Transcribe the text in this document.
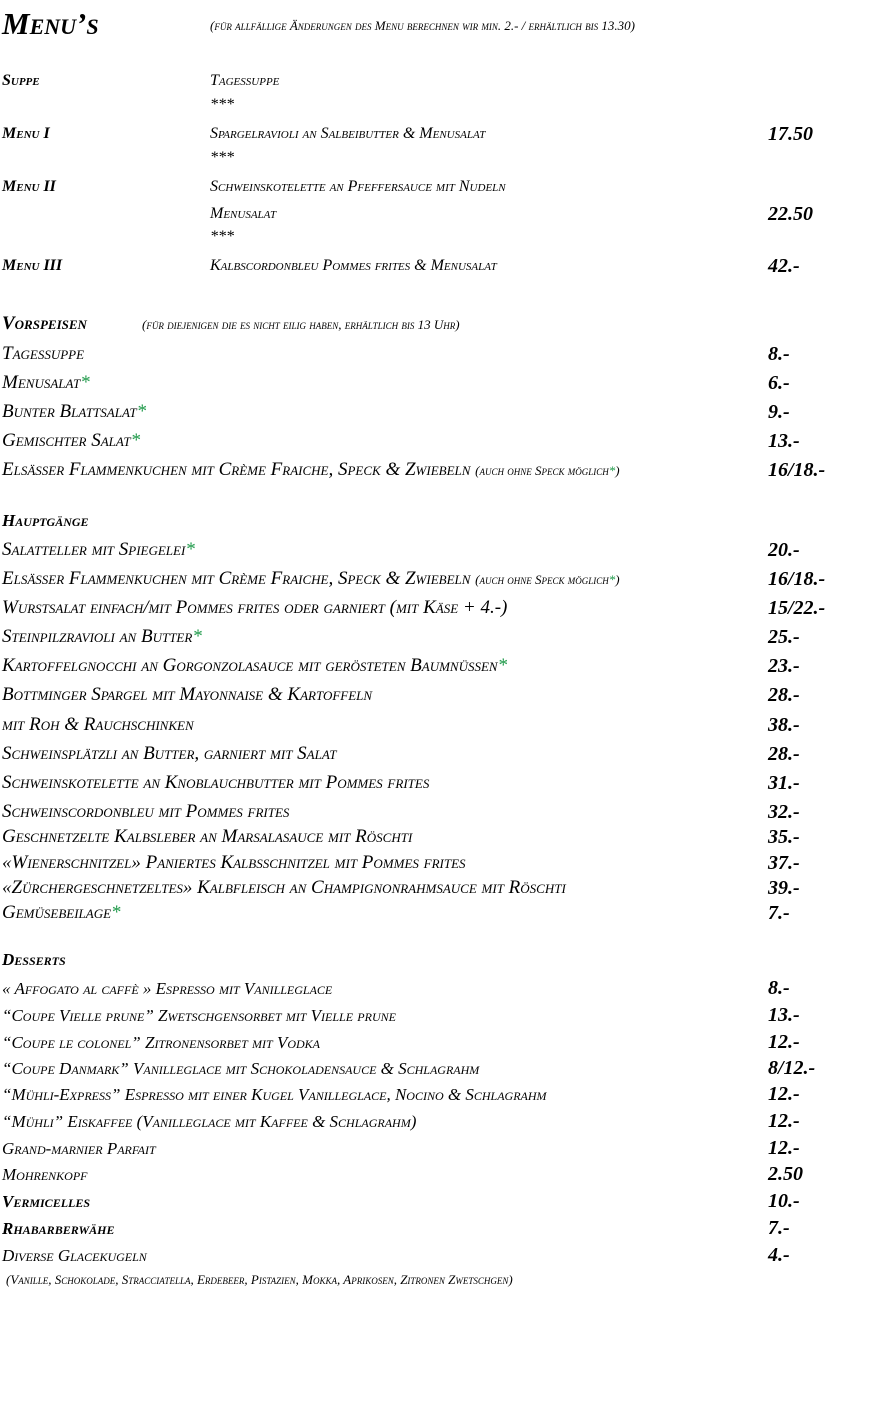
Menu’s	(für allfällige Änderungen des Menu berechnen wir min. 2.- / erhältlich bis 13.30)
Suppe	Tagessuppe
***
Menu I	Spargelravioli an Salbeibutter & Menusalat	17.50
***
Menu II	Schweinskotelette an Pfeffersauce mit Nudeln
Menusalat	22.50
***
Menu III	Kalbscordonbleu Pommes frites & Menusalat	42.-
Vorspeisen	(für diejenigen die es nicht eilig haben, erhältlich bis 13 Uhr)
Tagessuppe	8.-
Menusalat*	6.-
Bunter Blattsalat*	9.-
Gemischter Salat*	13.-
Elsässer Flammenkuchen mit Crème Fraiche, Speck & Zwiebeln (auch ohne Speck möglich*)	16/18.-
Hauptgänge
Salatteller mit Spiegelei*	20.-
Elsässer Flammenkuchen mit Crème Fraiche, Speck & Zwiebeln (auch ohne Speck möglich*)	16/18.-
Wurstsalat einfach/mit Pommes frites oder garniert (mit Käse + 4.-)	15/22.-
Steinpilzravioli an Butter*	25.-
Kartoffelgnocchi an Gorgonzolasauce mit gerösteten Baumnüssen*	23.-
Bottminger Spargel mit Mayonnaise & Kartoffeln	28.-
mit Roh & Rauchschinken	38.-
Schweinsplätzli an Butter, garniert mit Salat	28.-
Schweinskotelette an Knoblauchbutter mit Pommes frites	31.-
Schweinscordonbleu mit Pommes frites	32.-
Geschnetzelte Kalbsleber an Marsalasauce mit Röschti	35.-
«Wienerschnitzel» Paniertes Kalbsschnitzel mit Pommes frites	37.-
«Zürchergeschnetzeltes» Kalbfleisch an Champignonrahmsauce mit Röschti	39.-
Gemüsebeilage*	7.-
Desserts
« Affogato al caffè » Espresso mit Vanilleglace	8.-
“Coupe Vielle prune” Zwetschgensorbet mit Vielle prune	13.-
“Coupe le colonel” Zitronensorbet mit Vodka	12.-
“Coupe Danmark” Vanilleglace mit Schokoladensauce & Schlagrahm	8/12.-
“Mühli-Express” Espresso mit einer Kugel Vanilleglace, Nocino & Schlagrahm	12.-
“Mühli” Eiskaffee (Vanilleglace mit Kaffee & Schlagrahm)	12.-
Grand-marnier Parfait	12.-
Mohrenkopf	2.50
Vermicelles	10.-
Rhabarberwähe	7.-
Diverse Glacekugeln	4.-
(Vanille, Schokolade, Stracciatella, Erdebeer, Pistazien, Mokka, Aprikosen, Zitronen Zwetschgen)
